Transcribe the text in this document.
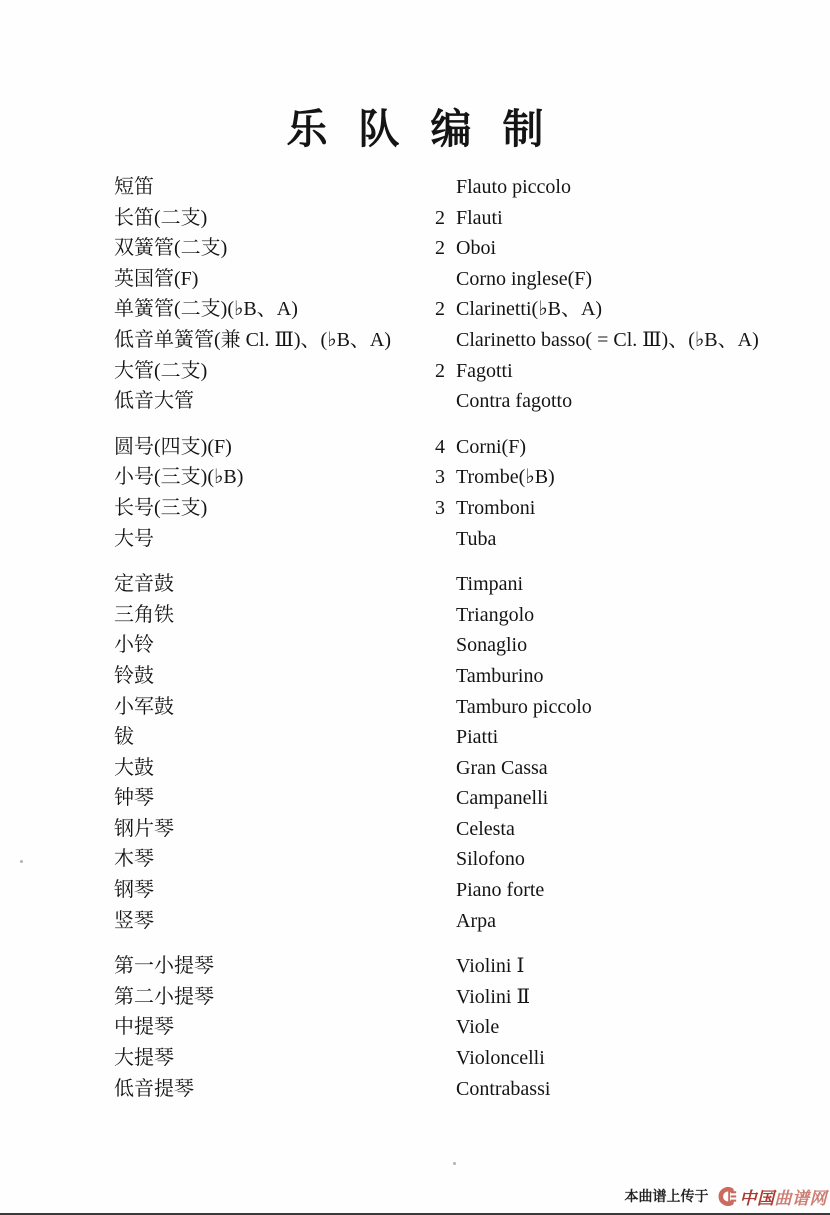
乐队编制
短笛	Flauto piccolo
长笛(二支)	2 Flauti
双簧管(二支)	2 Oboi
英国管(F)	Corno inglese(F)
单簧管(二支)(♭B、A)	2 Clarinetti(♭B、A)
低音单簧管(兼 Cl. Ⅲ)、(♭B、A)	Clarinetto basso( = Cl. Ⅲ)、(♭B、A)
大管(二支)	2 Fagotti
低音大管	Contra fagotto
圆号(四支)(F)	4 Corni(F)
小号(三支)(♭B)	3 Trombe(♭B)
长号(三支)	3 Tromboni
大号	Tuba
定音鼓	Timpani
三角铁	Triangolo
小铃	Sonaglio
铃鼓	Tamburino
小军鼓	Tamburo piccolo
钹	Piatti
大鼓	Gran Cassa
钟琴	Campanelli
钢片琴	Celesta
木琴	Silofono
钢琴	Piano forte
竖琴	Arpa
第一小提琴	Violini Ⅰ
第二小提琴	Violini Ⅱ
中提琴	Viole
大提琴	Violoncelli
低音提琴	Contrabassi
本曲谱上传于 中国曲谱网
